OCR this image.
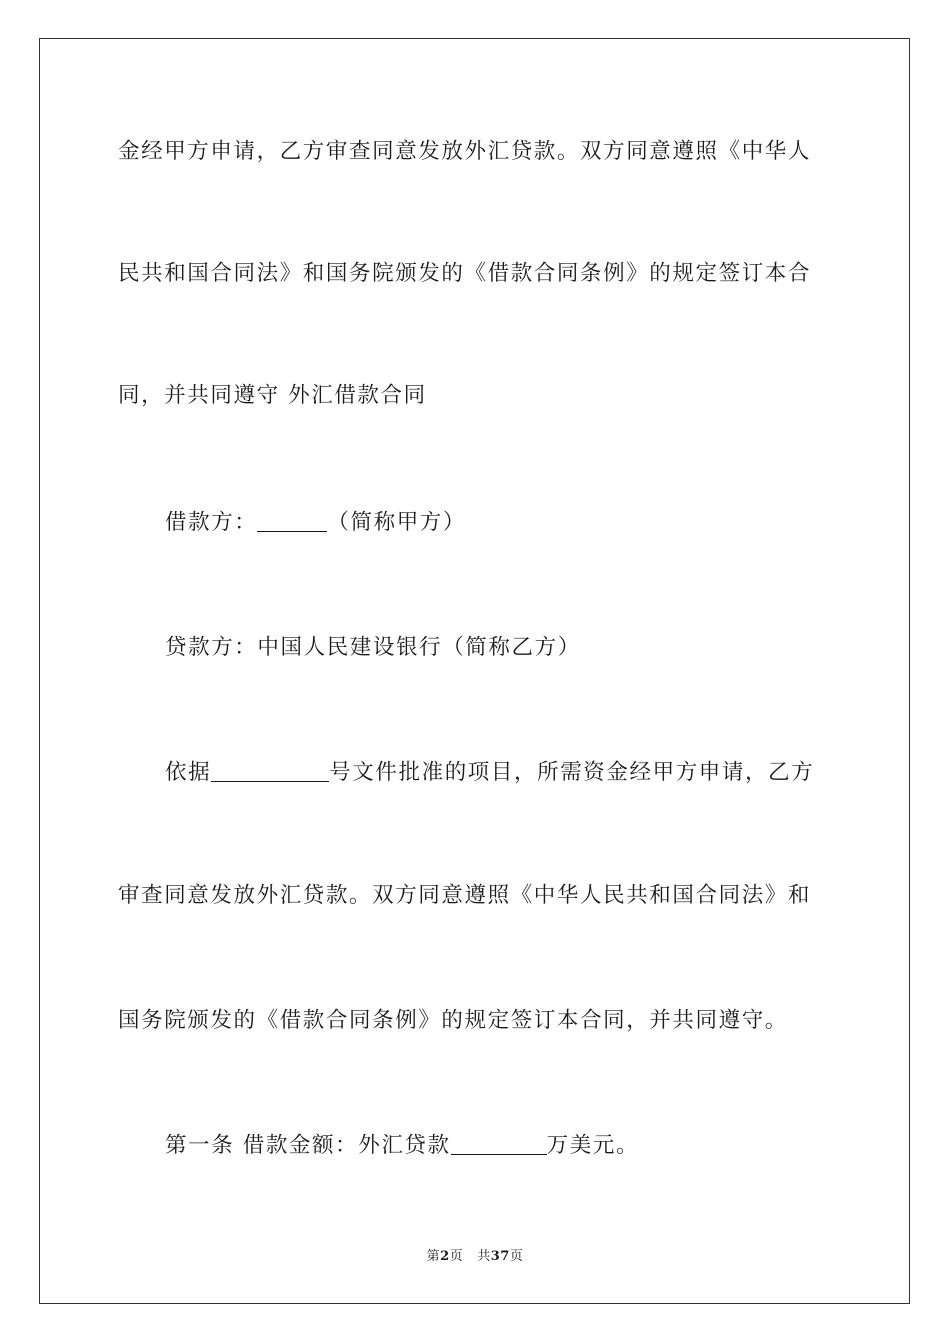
金经甲方申请，乙方审查同意发放外汇贷款。双方同意遵照《中华人
民共和国合同法》和国务院颁发的《借款合同条例》的规定签订本合
同，并共同遵守 外汇借款合同
借款方：	（简称甲方）
贷款方：中国人民建设银行（简称乙方）
依据	号文件批准的项目，所需资金经甲方申请，乙方
审查同意发放外汇贷款。双方同意遵照《中华人民共和国合同法》和
国务院颁发的《借款合同条例》的规定签订本合同，并共同遵守。
第一条 借款金额：外汇贷款	万美元。
第2页 共37页
